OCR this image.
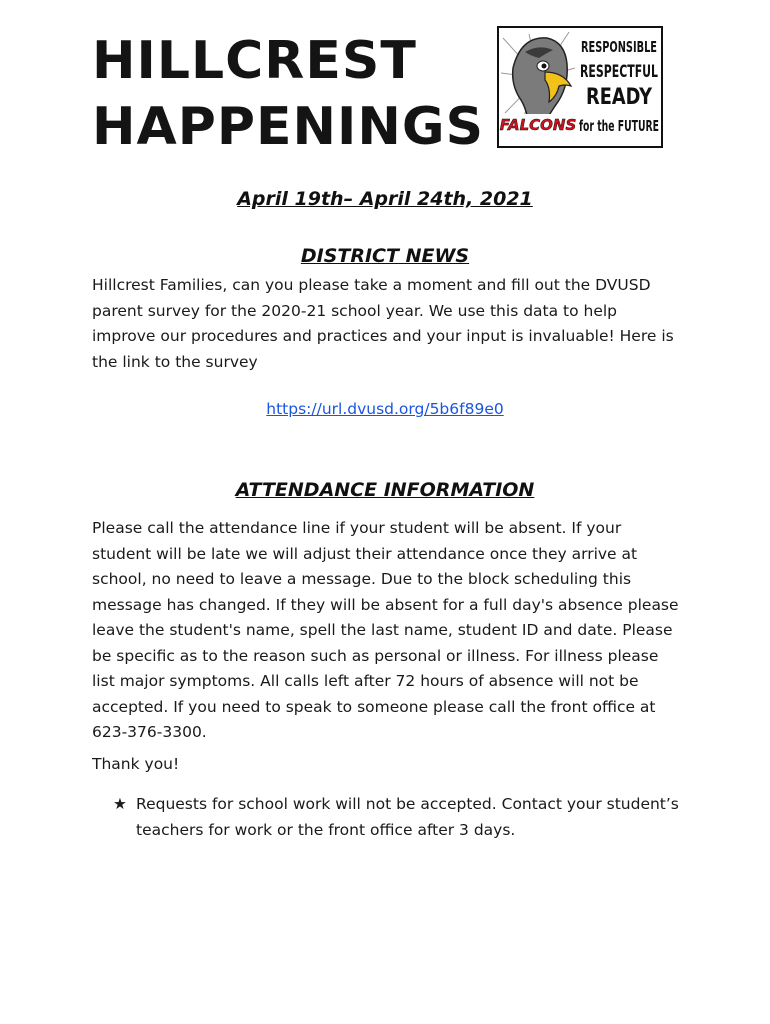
HILLCREST
HAPPENINGS FALCONS
RESPONSIBLE
RESPECTFUL
READY
for the FUTURE
April 19th– April 24th, 2021
DISTRICT NEWS

Hillcrest Families, can you please take a moment and fill out the DVUSD parent survey for the 2020-21 school year. We use this data to help improve our procedures and practices and your input is invaluable! Here is the link to the survey

https://url.dvusd.org/5b6f89e0
ATTENDANCE INFORMATION

Please call the attendance line if your student will be absent. If your student will be late we will adjust their attendance once they arrive at school, no need to leave a message. Due to the block scheduling this message has changed. If they will be absent for a full day's absence please leave the student's name, spell the last name, student ID and date. Please be specific as to the reason such as personal or illness. For illness please list major symptoms. All calls left after 72 hours of absence will not be accepted. If you need to speak to someone please call the front office at 623-376-3300.

Thank you!

★ Requests for school work will not be accepted. Contact your student’s teachers for work or the front office after 3 days.
